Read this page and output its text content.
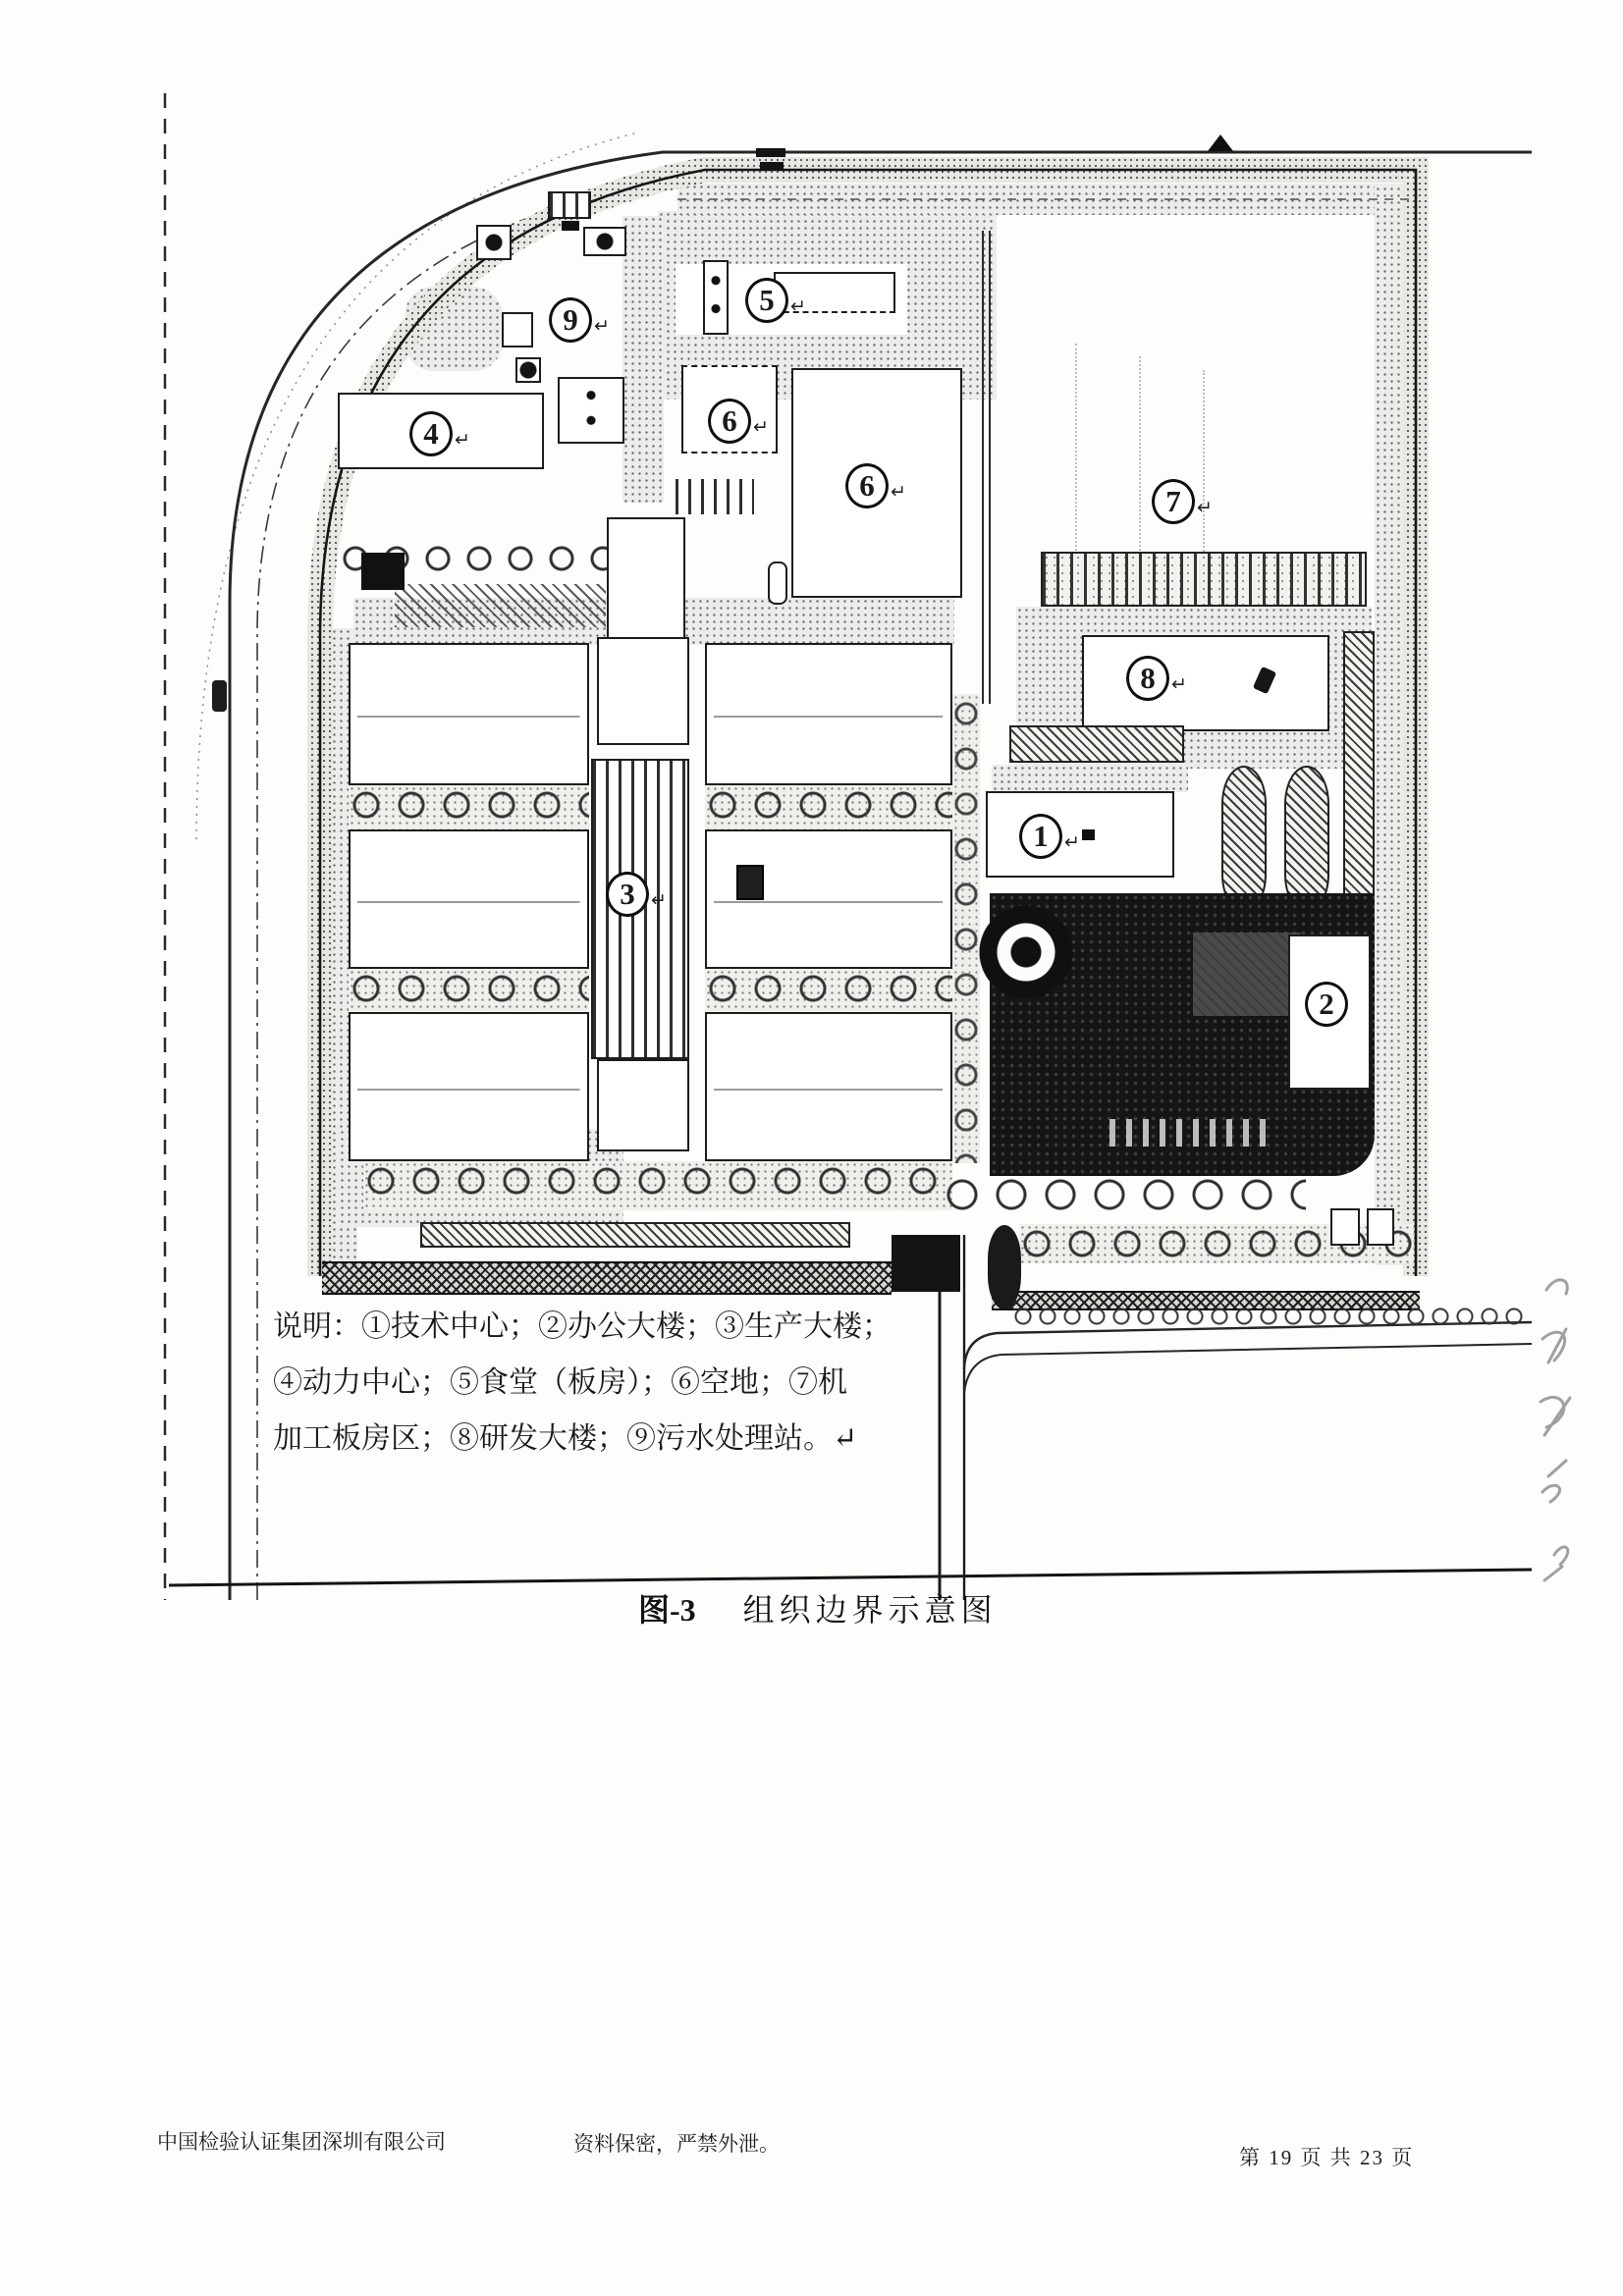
1 ↵
2
3 ↵
4 ↵
5 ↵
6 ↵
6 ↵	7 ↵
8 ↵
9 ↵
说明：①技术中心；②办公大楼；③生产大楼；
④动力中心；⑤食堂（板房）；⑥空地；⑦机
加工板房区；⑧研发大楼；⑨污水处理站。↵
图-3 组织边界示意图
中国检验认证集团深圳有限公司	资料保密，严禁外泄。
第 19 页 共 23 页
